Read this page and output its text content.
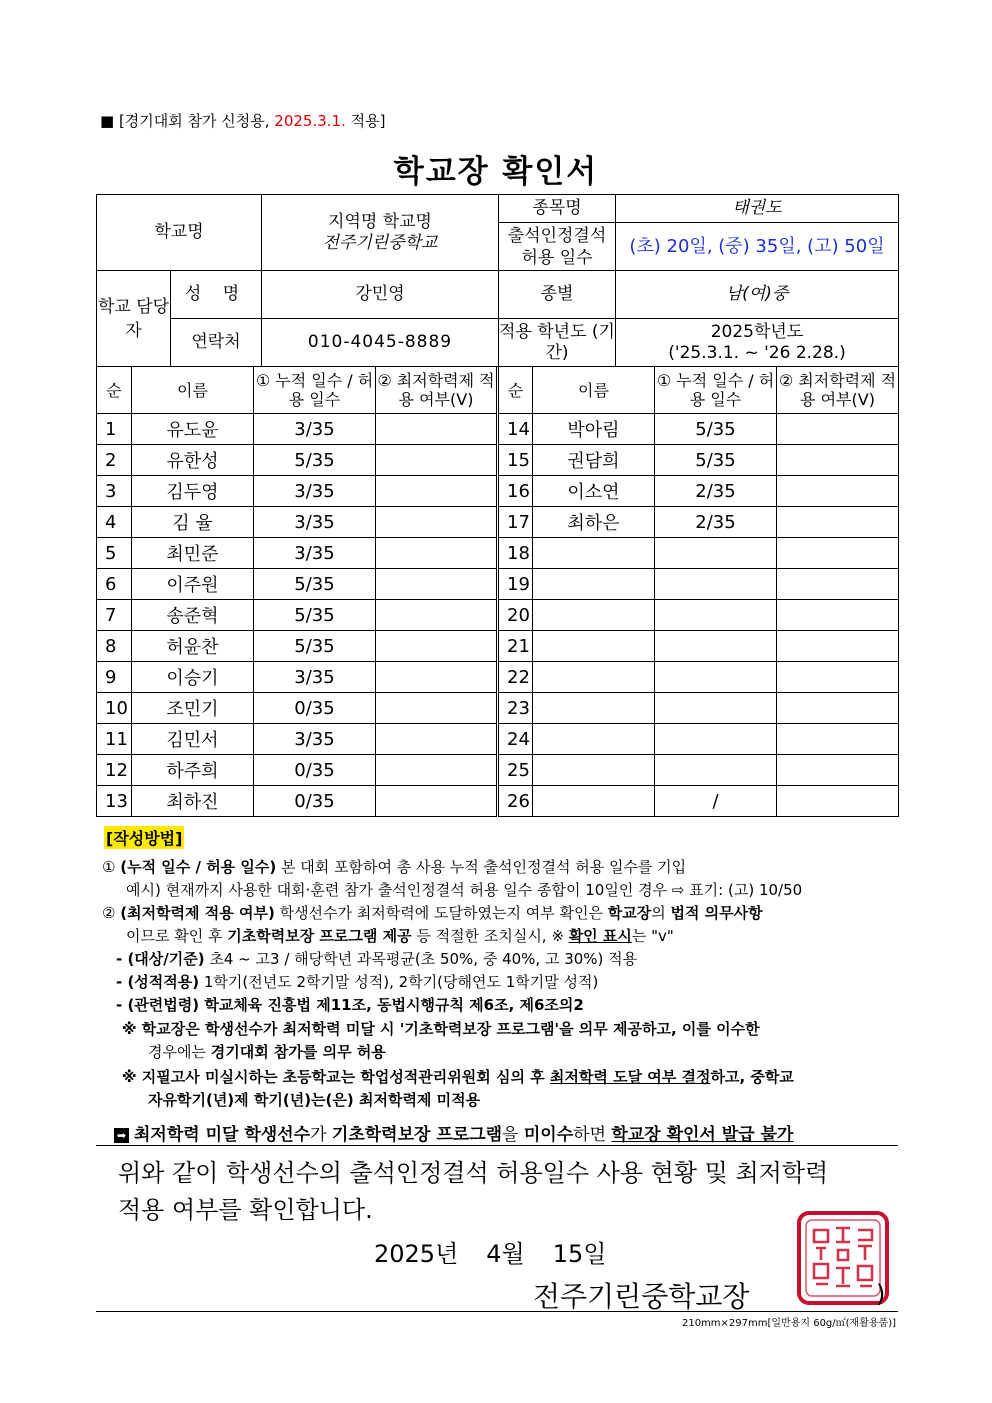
■ [경기대회 참가 신청용, 2025.3.1. 적용]
학교장 확인서
학교명		지역명 학교명
전주기린중학교	종목명	태권도
			출석인정결석 허용 일수	(초) 20일, (중) 35일, (고) 50일
학교 담당자	성 명	강민영	종별	남(여)중
	연락처	010-4045-8889	적용 학년도 (기간)	2025학년도
('25.3.1. ~ '26 2.28.)
순	이름	① 누적 일수 / 허용 일수	② 최저학력제 적용 여부(V)	순	이름	① 누적 일수 / 허용 일수	② 최저학력제 적용 여부(V)
1	유도윤	3/35		14	박아림	5/35	
2	유한성	5/35		15	권담희	5/35	
3	김두영	3/35		16	이소연	2/35	
4	김 율	3/35		17	최하은	2/35	
5	최민준	3/35		18			
6	이주원	5/35		19			
7	송준혁	5/35		20			
8	허윤찬	5/35		21			
9	이승기	3/35		22			
10	조민기	0/35		23			
11	김민서	3/35		24			
12	하주희	0/35		25			
13	최하진	0/35		26		/	
[작성방법]
① (누적 일수 / 허용 일수) 본 대회 포함하여 총 사용 누적 출석인정결석 허용 일수를 기입
예시) 현재까지 사용한 대회·훈련 참가 출석인정결석 허용 일수 종합이 10일인 경우 ⇨ 표기: (고) 10/50
② (최저학력제 적용 여부) 학생선수가 최저학력에 도달하였는지 여부 확인은 학교장의 법적 의무사항
이므로 확인 후 기초학력보장 프로그램 제공 등 적절한 조치실시, ※ 확인 표시는 "v"
- (대상/기준) 초4 ~ 고3 / 해당학년 과목평균(초 50%, 중 40%, 고 30%) 적용
- (성적적용) 1학기(전년도 2학기말 성적), 2학기(당해연도 1학기말 성적)
- (관련법령) 학교체육 진흥법 제11조, 동법시행규칙 제6조, 제6조의2
※ 학교장은 학생선수가 최저학력 미달 시 '기초학력보장 프로그램'을 의무 제공하고, 이를 이수한
경우에는 경기대회 참가를 의무 허용
※ 지필고사 미실시하는 초등학교는 학업성적관리위원회 심의 후 최저학력 도달 여부 결정하고, 중학교
자유학기(년)제 학기(년)는(은) 최저학력제 미적용
➡ 최저학력 미달 학생선수가 기초학력보장 프로그램을 미이수하면 학교장 확인서 발급 불가
위와 같이 학생선수의 출석인정결석 허용일수 사용 현황 및 최저학력
적용 여부를 확인합니다.
2025년 4월 15일
전주기린중학교장	)
210mm×297mm[일반용지 60g/㎡(재활용품)]
